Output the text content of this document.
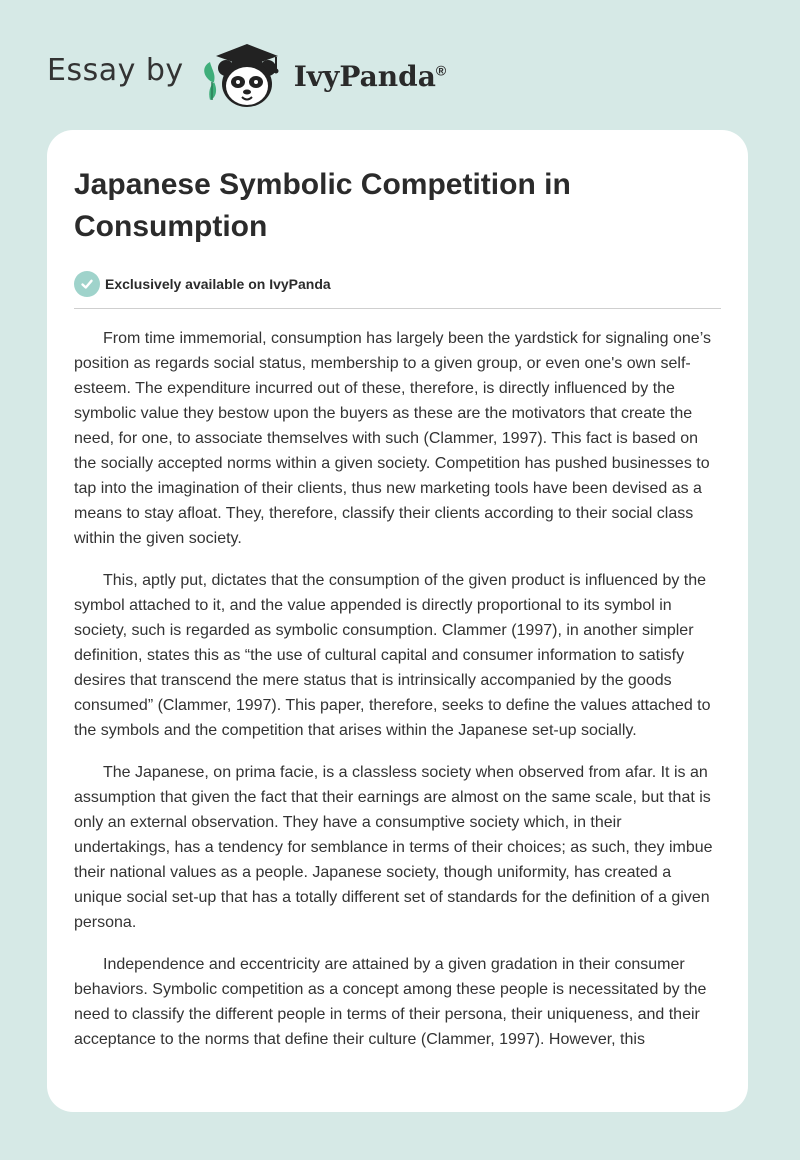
Essay by	IvyPanda®
Japanese Symbolic Competition in Consumption
Exclusively available on IvyPanda

From time immemorial, consumption has largely been the yardstick for signaling one’s position as regards social status, membership to a given group, or even one's own self-esteem. The expenditure incurred out of these, therefore, is directly influenced by the symbolic value they bestow upon the buyers as these are the motivators that create the need, for one, to associate themselves with such (Clammer, 1997). This fact is based on the socially accepted norms within a given society. Competition has pushed businesses to tap into the imagination of their clients, thus new marketing tools have been devised as a means to stay afloat. They, therefore, classify their clients according to their social class within the given society.

This, aptly put, dictates that the consumption of the given product is influenced by the symbol attached to it, and the value appended is directly proportional to its symbol in society, such is regarded as symbolic consumption. Clammer (1997), in another simpler definition, states this as “the use of cultural capital and consumer information to satisfy desires that transcend the mere status that is intrinsically accompanied by the goods consumed” (Clammer, 1997). This paper, therefore, seeks to define the values attached to the symbols and the competition that arises within the Japanese set-up socially.

The Japanese, on prima facie, is a classless society when observed from afar. It is an assumption that given the fact that their earnings are almost on the same scale, but that is only an external observation. They have a consumptive society which, in their undertakings, has a tendency for semblance in terms of their choices; as such, they imbue their national values as a people. Japanese society, though uniformity, has created a unique social set-up that has a totally different set of standards for the definition of a given persona.

Independence and eccentricity are attained by a given gradation in their consumer behaviors. Symbolic competition as a concept among these people is necessitated by the need to classify the different people in terms of their persona, their uniqueness, and their acceptance to the norms that define their culture (Clammer, 1997). However, this
